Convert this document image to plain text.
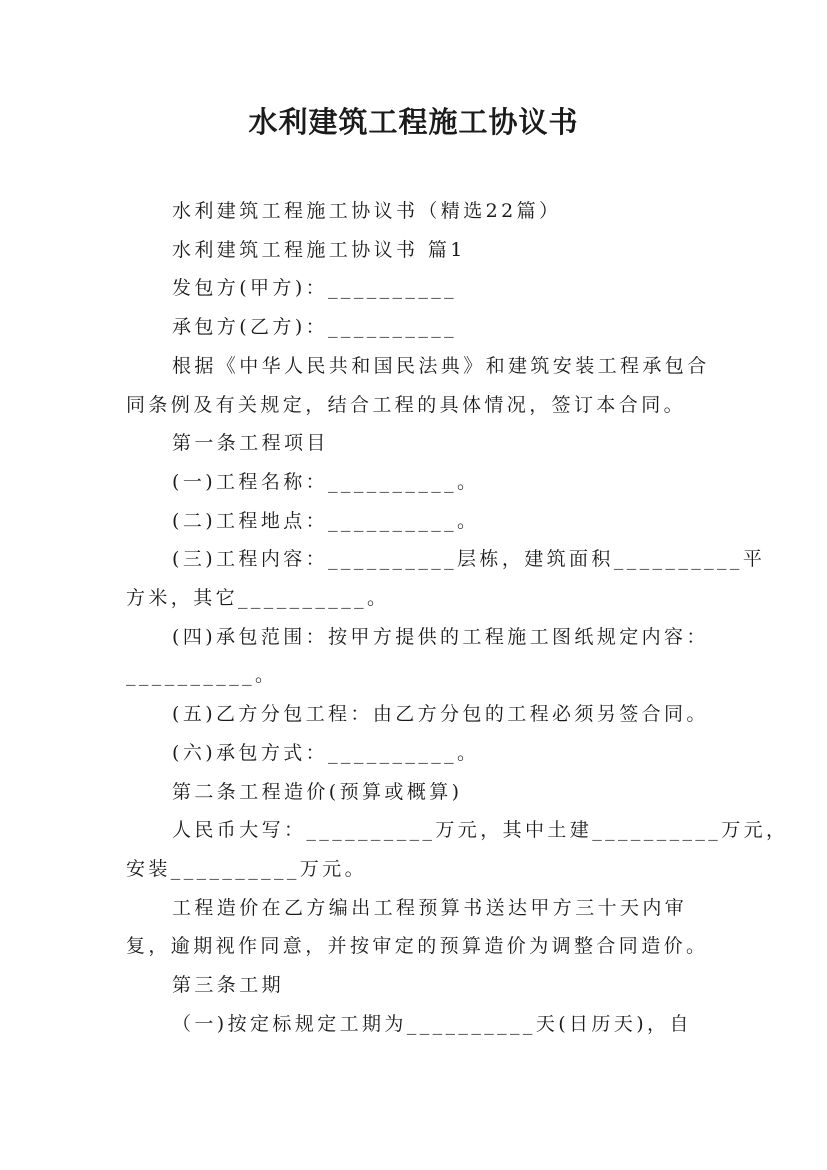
水利建筑工程施工协议书

水利建筑工程施工协议书（精选22篇）

水利建筑工程施工协议书 篇1

发包方(甲方)：__________

承包方(乙方)：__________

根据《中华人民共和国民法典》和建筑安装工程承包合

同条例及有关规定，结合工程的具体情况，签订本合同。

第一条工程项目

(一)工程名称：__________。

(二)工程地点：__________。

(三)工程内容：__________层栋，建筑面积__________平

方米，其它__________。

(四)承包范围：按甲方提供的工程施工图纸规定内容：

__________。

(五)乙方分包工程：由乙方分包的工程必须另签合同。

(六)承包方式：__________。

第二条工程造价(预算或概算)

人民币大写：__________万元，其中土建__________万元，

安装__________万元。

工程造价在乙方编出工程预算书送达甲方三十天内审

复，逾期视作同意，并按审定的预算造价为调整合同造价。

第三条工期

（一)按定标规定工期为__________天(日历天)，自
